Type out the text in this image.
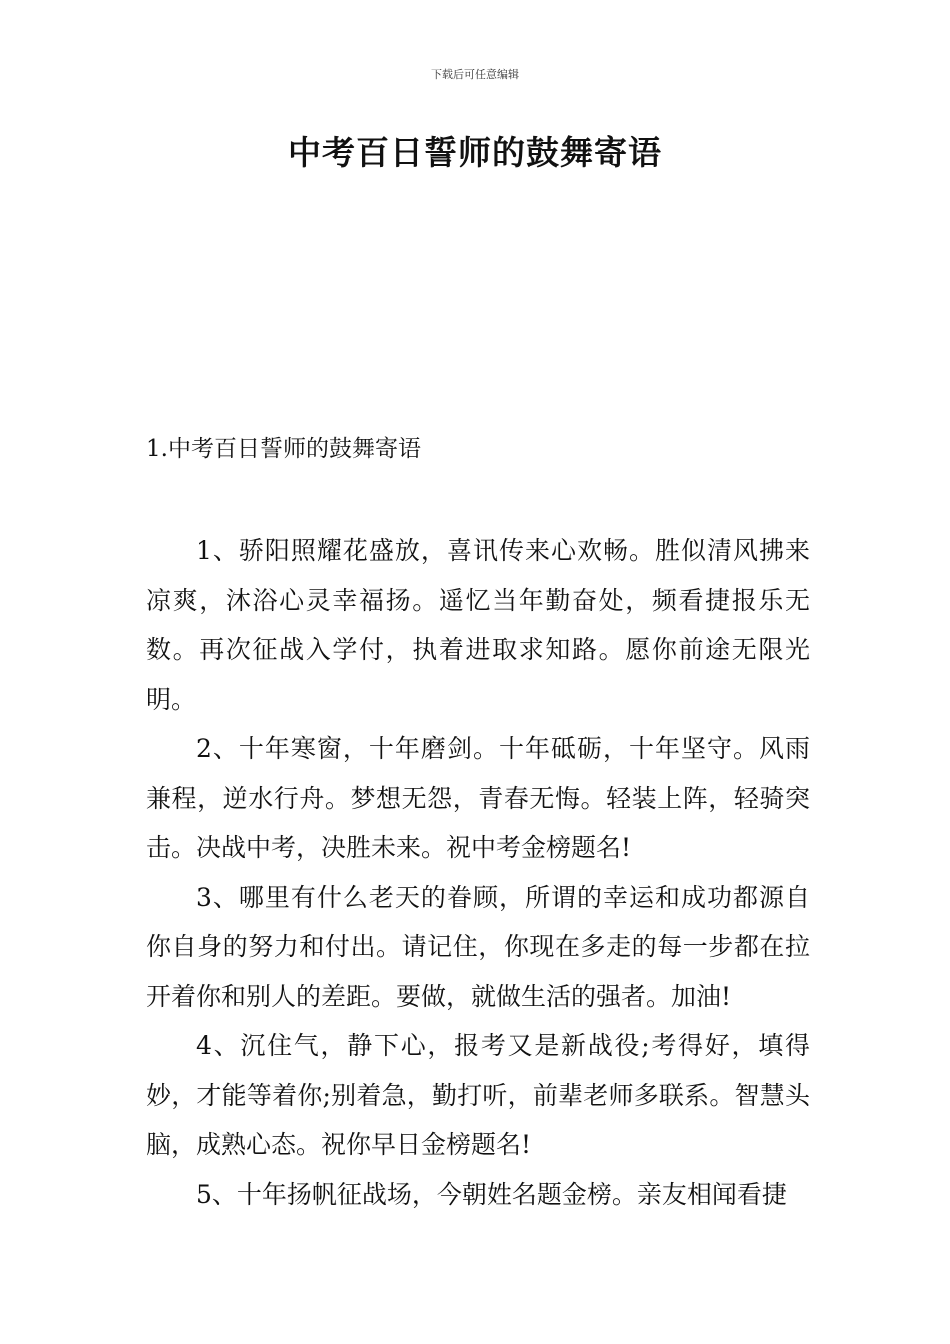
下载后可任意编辑
中考百日誓师的鼓舞寄语
1.中考百日誓师的鼓舞寄语

1、骄阳照耀花盛放，喜讯传来心欢畅。胜似清风拂来凉爽，沐浴心灵幸福扬。遥忆当年勤奋处，频看捷报乐无数。再次征战入学付，执着进取求知路。愿你前途无限光明。

2、十年寒窗，十年磨剑。十年砥砺，十年坚守。风雨兼程，逆水行舟。梦想无怨，青春无悔。轻装上阵，轻骑突击。决战中考，决胜未来。祝中考金榜题名!

3、哪里有什么老天的眷顾，所谓的幸运和成功都源自你自身的努力和付出。请记住，你现在多走的每一步都在拉开着你和别人的差距。要做，就做生活的强者。加油!

4、沉住气，静下心，报考又是新战役;考得好，填得妙，才能等着你;别着急，勤打听，前辈老师多联系。智慧头脑，成熟心态。祝你早日金榜题名!

5、十年扬帆征战场，今朝姓名题金榜。亲友相闻看捷
